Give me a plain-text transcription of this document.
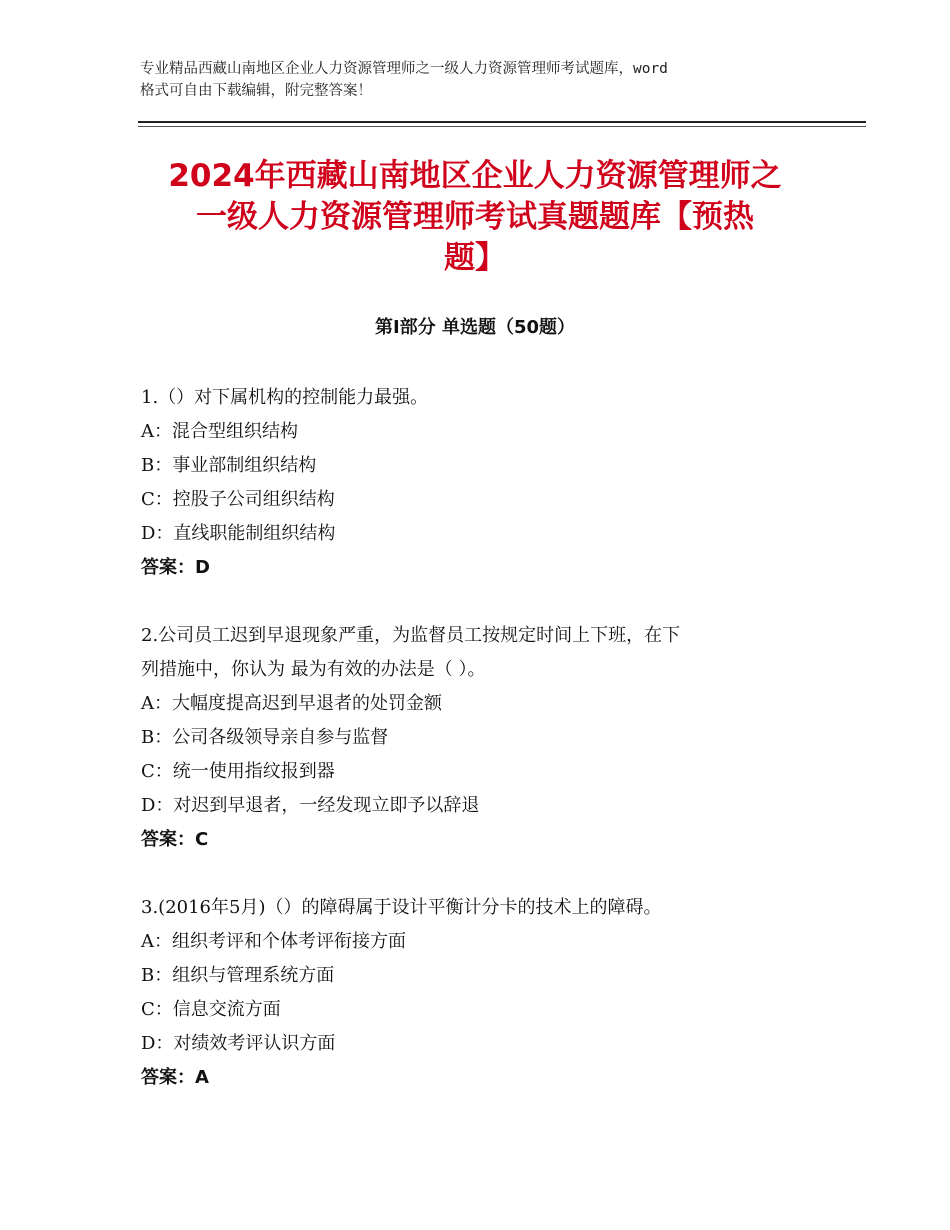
专业精品西藏山南地区企业人力资源管理师之一级人力资源管理师考试题库，word
格式可自由下载编辑，附完整答案！
2024年西藏山南地区企业人力资源管理师之
一级人力资源管理师考试真题题库【预热
题】
第Ⅰ部分 单选题（50题）

1.（）对下属机构的控制能力最强。

A：混合型组织结构

B：事业部制组织结构

C：控股子公司组织结构

D：直线职能制组织结构

答案：D

2.公司员工迟到早退现象严重，为监督员工按规定时间上下班，在下

列措施中，你认为 最为有效的办法是（ ）。

A：大幅度提高迟到早退者的处罚金额

B：公司各级领导亲自参与监督

C：统一使用指纹报到器

D：对迟到早退者，一经发现立即予以辞退

答案：C

3.(2016年5月)（）的障碍属于设计平衡计分卡的技术上的障碍。

A：组织考评和个体考评衔接方面

B：组织与管理系统方面

C：信息交流方面

D：对绩效考评认识方面

答案：A
